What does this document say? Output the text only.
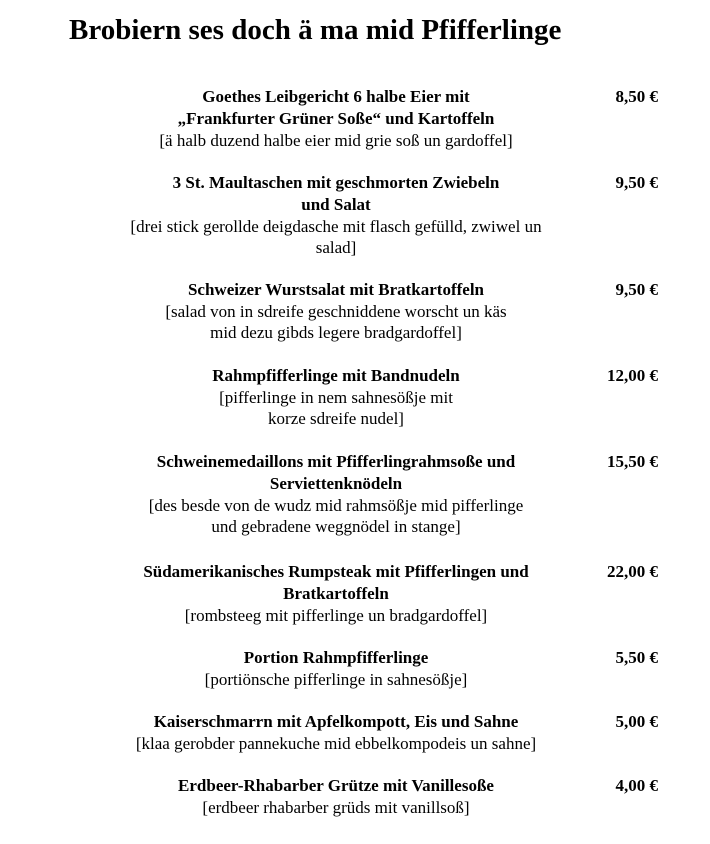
Brobiern ses doch ä ma mid Pfifferlinge
Goethes Leibgericht 6 halbe Eier mit
„Frankfurter Grüner Soße“ und Kartoffeln
[ä halb duzend halbe eier mid grie soß un gardoffel]
8,50 €
3 St. Maultaschen mit geschmorten Zwiebeln
und Salat
[drei stick gerollde deigdasche mit flasch gefülld, zwiwel un
salad]
9,50 €
Schweizer Wurstsalat mit Bratkartoffeln
[salad von in sdreife geschniddene worscht un käs
mid dezu gibds legere bradgardoffel]
9,50 €
Rahmpfifferlinge mit Bandnudeln
[pifferlinge in nem sahnesößje mit
korze sdreife nudel]
12,00 €
Schweinemedaillons mit Pfifferlingrahmsoße und
Serviettenknödeln
[des besde von de wudz mid rahmsößje mid pifferlinge
und gebradene weggnödel in stange]
15,50 €
Südamerikanisches Rumpsteak mit Pfifferlingen und
Bratkartoffeln
[rombsteeg mit pifferlinge un bradgardoffel]
22,00 €
Portion Rahmpfifferlinge
[portiönsche pifferlinge in sahnesößje]
5,50 €
Kaiserschmarrn mit Apfelkompott, Eis und Sahne
[klaa gerobder pannekuche mid ebbelkompodeis un sahne]
5,00 €
Erdbeer-Rhabarber Grütze mit Vanillesoße
[erdbeer rhabarber grüds mit vanillsoß]
4,00 €
